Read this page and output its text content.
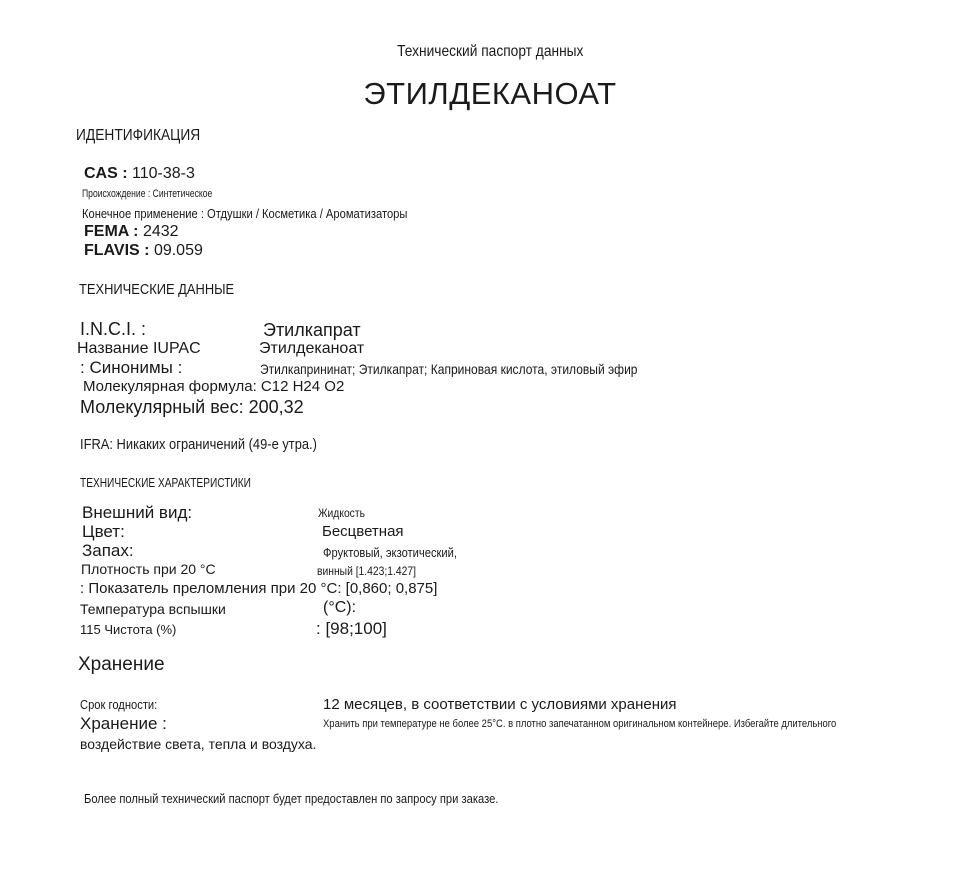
Технический паспорт данных
ЭТИЛДЕКАНОАТ
ИДЕНТИФИКАЦИЯ
CAS : 110-38-3
Происхождение : Синтетическое
Конечное применение : Отдушки / Косметика / Ароматизаторы
FEMA : 2432
FLAVIS : 09.059
ТЕХНИЧЕСКИЕ ДАННЫЕ
I.N.C.I. :	Этилкапрат
Название IUPAC	Этилдеканоат
: Синонимы :	Этилкапрининат; Этилкапрат; Каприновая кислота, этиловый эфир
Молекулярная формула: C12 H24 O2
Молекулярный вес: 200,32
IFRA: Никаких ограничений (49-е утра.)
ТЕХНИЧЕСКИЕ ХАРАКТЕРИСТИКИ
Внешний вид:	Жидкость
Цвет:	Бесцветная
Запах:	Фруктовый, экзотический,
Плотность при 20 °C	винный [1.423;1.427]
: Показатель преломления при 20 °C: [0,860; 0,875]
Температура вспышки	(°C):
115 Чистота (%)	: [98;100]
Хранение
Срок годности:	12 месяцев, в соответствии с условиями хранения
Хранение :	Хранить при температуре не более 25°C. в плотно запечатанном оригинальном контейнере. Избегайте длительного
воздействие света, тепла и воздуха.
Более полный технический паспорт будет предоставлен по запросу при заказе.
